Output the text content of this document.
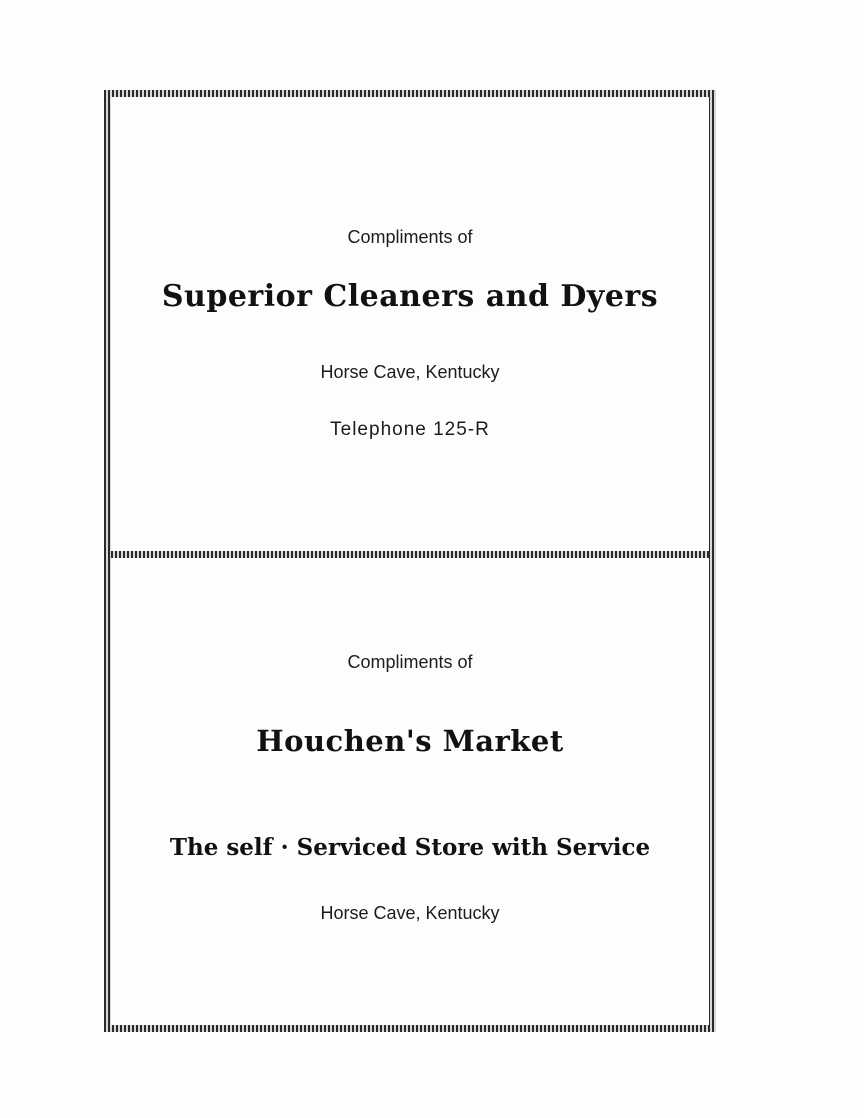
Compliments of
Superior Cleaners and Dyers
Horse Cave, Kentucky
Telephone 125-R
Compliments of
Houchen's Market
The self · Serviced Store with Service
Horse Cave, Kentucky
